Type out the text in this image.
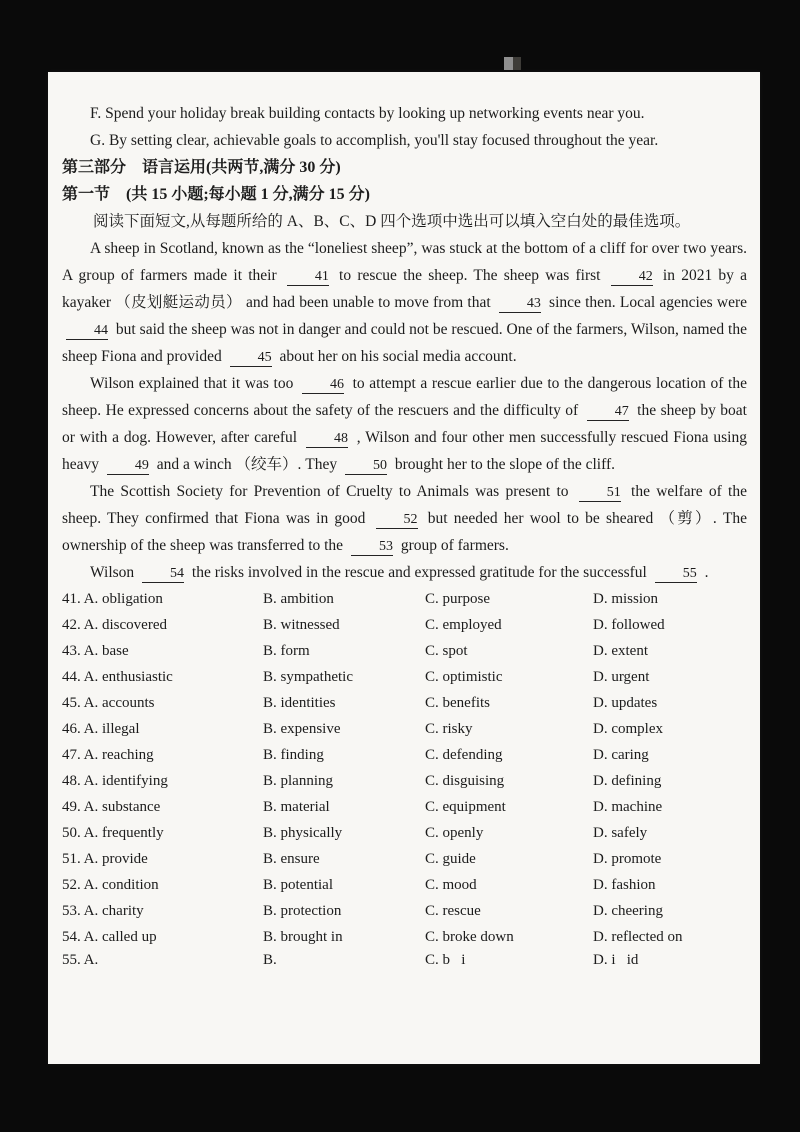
F. Spend your holiday break building contacts by looking up networking events near you.

G. By setting clear, achievable goals to accomplish, you'll stay focused throughout the year.

第三部分　语言运用(共两节,满分 30 分)

第一节　(共 15 小题;每小题 1 分,满分 15 分)

阅读下面短文,从每题所给的 A、B、C、D 四个选项中选出可以填入空白处的最佳选项。

A sheep in Scotland, known as the “loneliest sheep”, was stuck at the bottom of a cliff for over two years. A group of farmers made it their 41 to rescue the sheep. The sheep was first 42 in 2021 by a kayaker （皮划艇运动员） and had been unable to move from that 43 since then. Local agencies were 44 but said the sheep was not in danger and could not be rescued. One of the farmers, Wilson, named the sheep Fiona and provided 45 about her on his social media account.

Wilson explained that it was too 46 to attempt a rescue earlier due to the dangerous location of the sheep. He expressed concerns about the safety of the rescuers and the difficulty of 47 the sheep by boat or with a dog. However, after careful 48 , Wilson and four other men successfully rescued Fiona using heavy 49 and a winch （绞车）. They 50 brought her to the slope of the cliff.

The Scottish Society for Prevention of Cruelty to Animals was present to 51 the welfare of the sheep. They confirmed that Fiona was in good 52 but needed her wool to be sheared （剪）. The ownership of the sheep was transferred to the 53 group of farmers.

Wilson 54 the risks involved in the rescue and expressed gratitude for the successful 55 .

41. A. obligation	B. ambition	C. purpose	D. mission
42. A. discovered	B. witnessed	C. employed	D. followed
43. A. base	B. form	C. spot	D. extent
44. A. enthusiastic	B. sympathetic	C. optimistic	D. urgent
45. A. accounts	B. identities	C. benefits	D. updates
46. A. illegal	B. expensive	C. risky	D. complex
47. A. reaching	B. finding	C. defending	D. caring
48. A. identifying	B. planning	C. disguising	D. defining
49. A. substance	B. material	C. equipment	D. machine
50. A. frequently	B. physically	C. openly	D. safely
51. A. provide	B. ensure	C. guide	D. promote
52. A. condition	B. potential	C. mood	D. fashion
53. A. charity	B. protection	C. rescue	D. cheering
54. A. called up	B. brought in	C. broke down	D. reflected on
55. A.	B.	C. b   i	D. i   id
